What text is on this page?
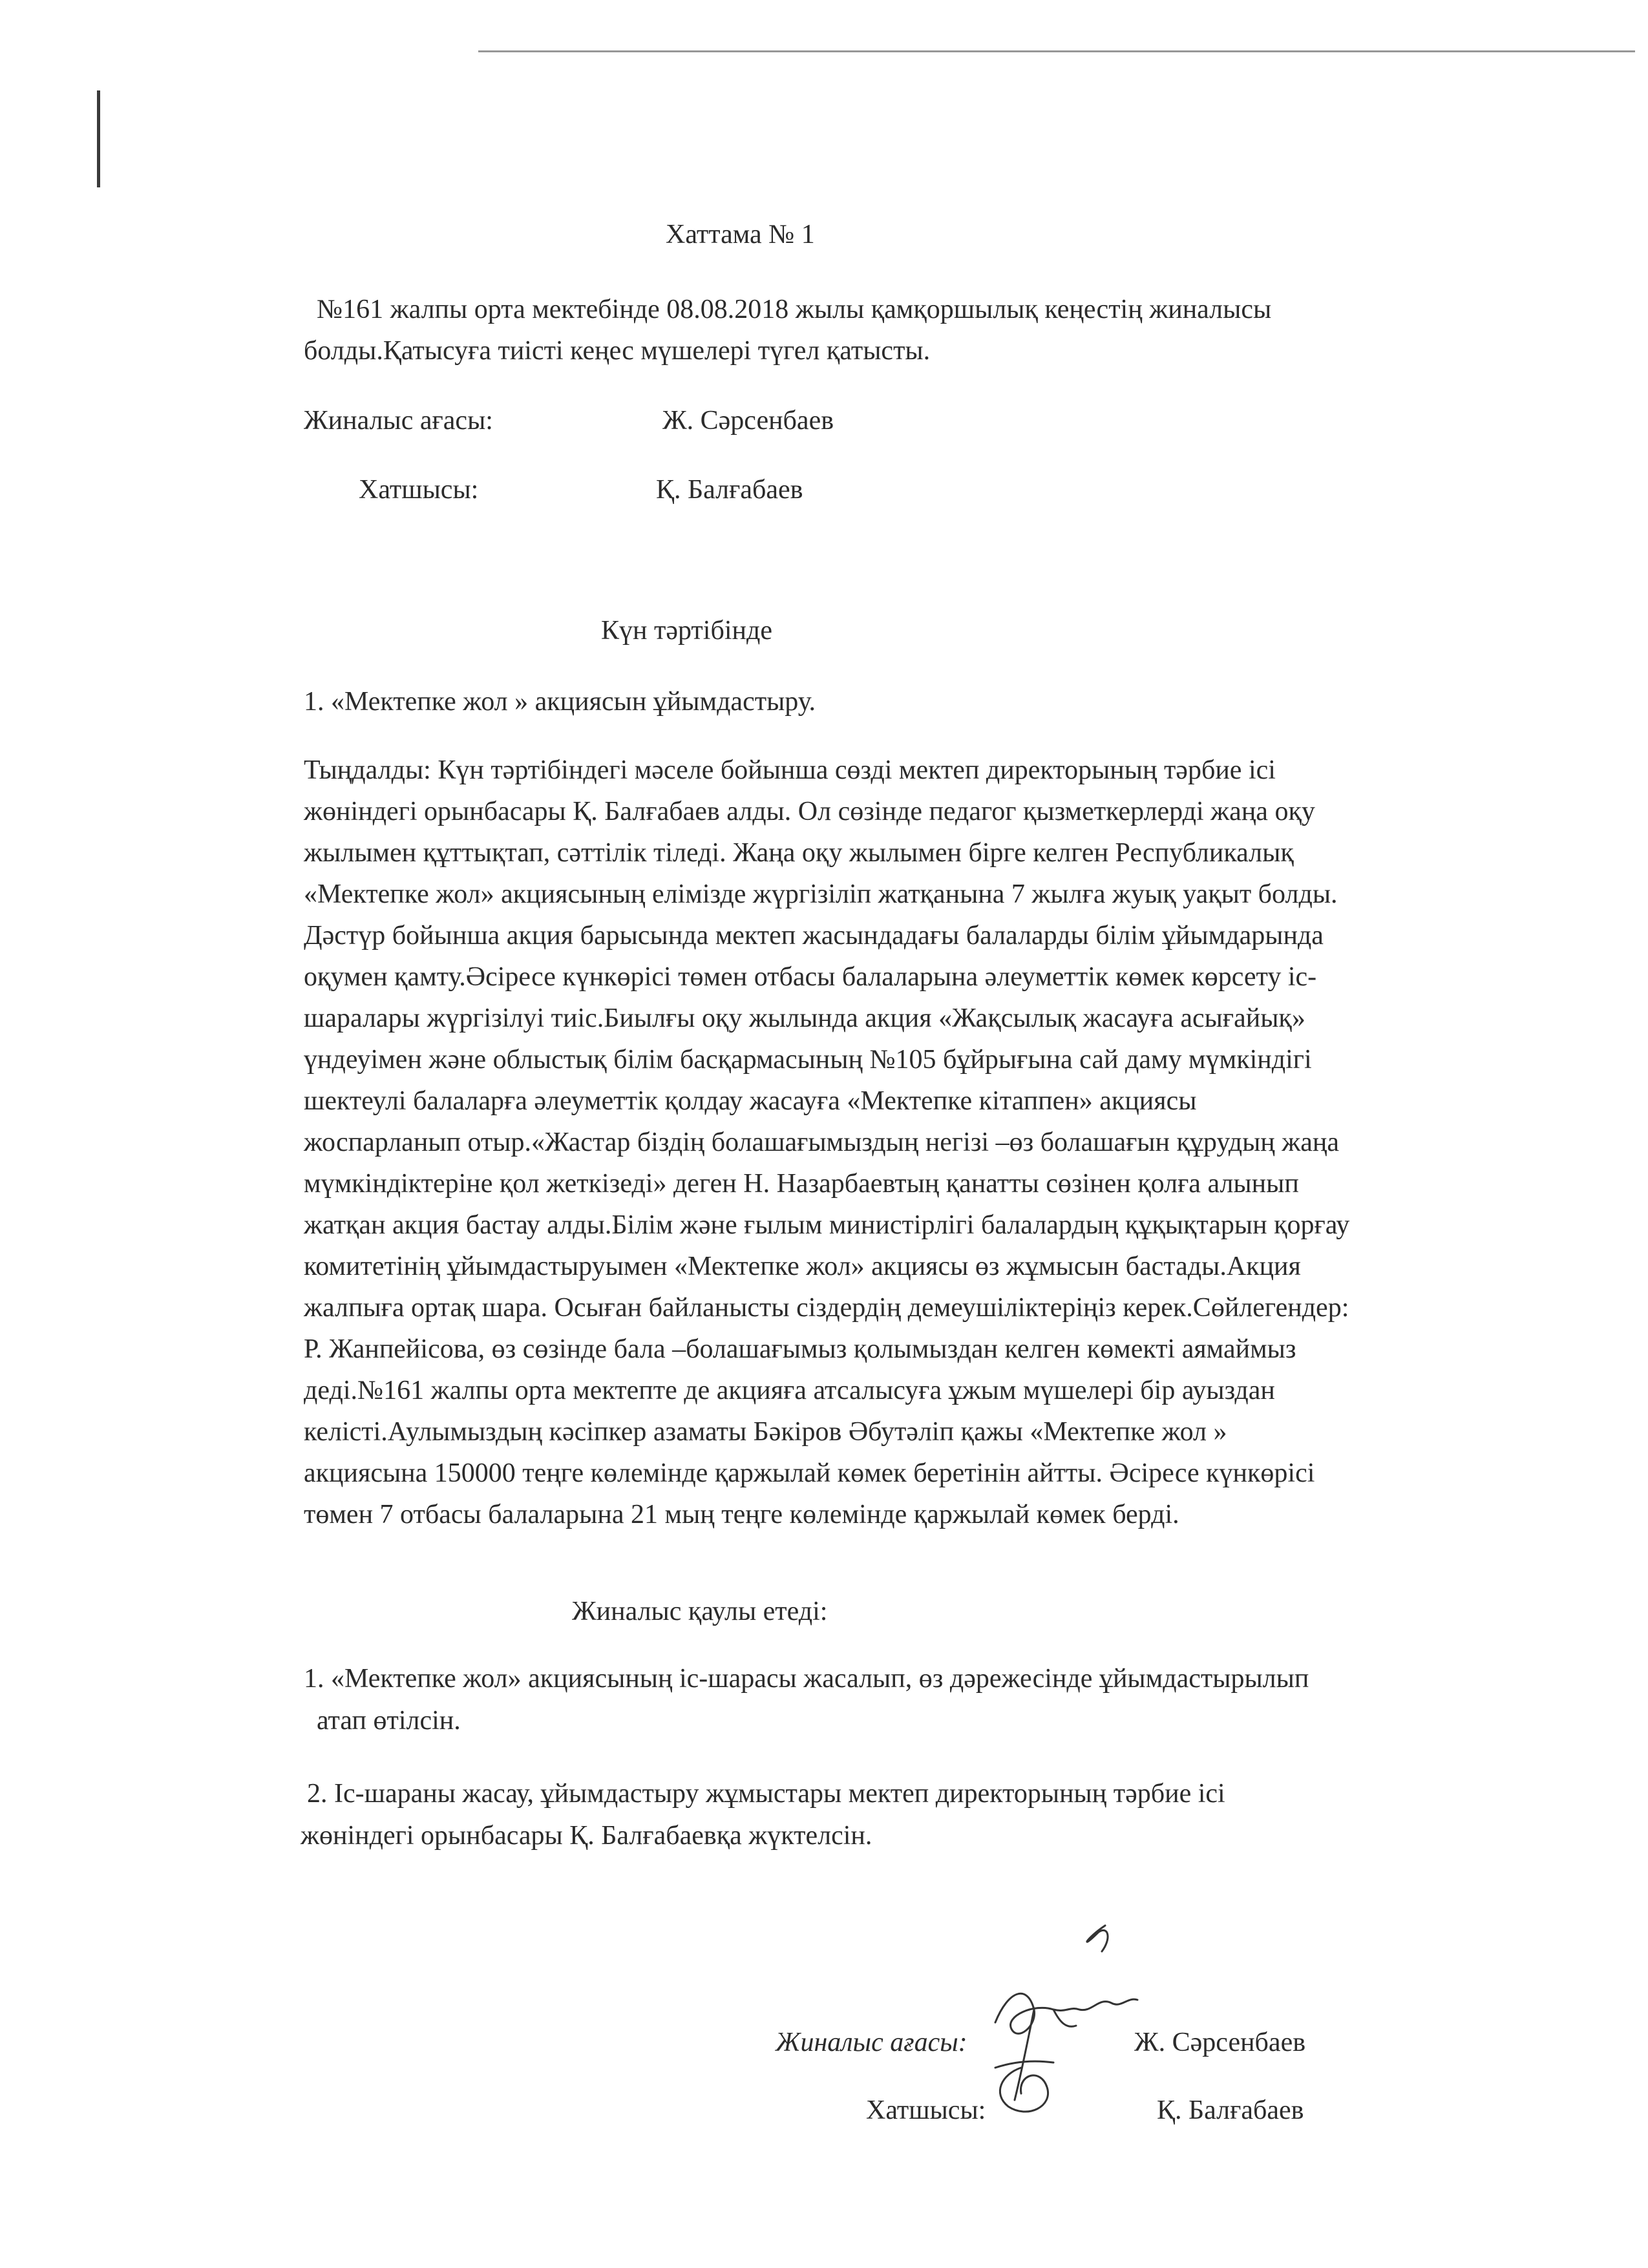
Хаттама № 1
№161 жалпы орта мектебінде 08.08.2018 жылы қамқоршылық кеңестің жиналысы
болды.Қатысуға тиісті кеңес мүшелері түгел қатысты.
Жиналыс ағасы:	Ж. Сәрсенбаев
Хатшысы:	Қ. Балғабаев
Күн тәртібінде
1. «Мектепке жол » акциясын ұйымдастыру.
Тыңдалды: Күн тәртібіндегі мәселе бойынша сөзді мектеп директорының тәрбие ісі
жөніндегі орынбасары Қ. Балғабаев алды. Ол сөзінде педагог қызметкерлерді жаңа оқу
жылымен құттықтап, сәттілік тіледі. Жаңа оқу жылымен бірге келген Республикалық
«Мектепке жол» акциясының елімізде жүргізіліп жатқанына 7 жылға жуық уақыт болды.
Дәстүр бойынша акция барысында мектеп жасындадағы балаларды білім ұйымдарында
оқумен қамту.Әсіресе күнкөрісі төмен отбасы балаларына әлеуметтік көмек көрсету іс-
шаралары жүргізілуі тиіс.Биылғы оқу жылында акция «Жақсылық жасауға асығайық»
үндеуімен және облыстық білім басқармасының №105 бұйрығына сай даму мүмкіндігі
шектеулі балаларға әлеуметтік қолдау жасауға «Мектепке кітаппен» акциясы
жоспарланып отыр.«Жастар біздің болашағымыздың негізі –өз болашағын құрудың жаңа
мүмкіндіктеріне қол жеткізеді» деген Н. Назарбаевтың қанатты сөзінен қолға алынып
жатқан акция бастау алды.Білім және ғылым министірлігі балалардың құқықтарын қорғау
комитетінің ұйымдастыруымен «Мектепке жол» акциясы өз жұмысын бастады.Акция
жалпыға ортақ шара. Осыған байланысты сіздердің демеушіліктеріңіз керек.Сөйлегендер:
Р. Жанпейісова, өз сөзінде бала –болашағымыз қолымыздан келген көмекті аямаймыз
деді.№161 жалпы орта мектепте де акцияға атсалысуға ұжым мүшелері бір ауыздан
келісті.Аулымыздың кәсіпкер азаматы Бәкіров Әбутәліп қажы «Мектепке жол »
акциясына 150000 теңге көлемінде қаржылай көмек беретінін айтты. Әсіресе күнкөрісі
төмен 7 отбасы балаларына 21 мың теңге көлемінде қаржылай көмек берді.
Жиналыс қаулы етеді:
1. «Мектепке жол» акциясының іс-шарасы жасалып, өз дәрежесінде ұйымдастырылып
атап өтілсін.
2. Іс-шараны жасау, ұйымдастыру жұмыстары мектеп директорының тәрбие ісі
жөніндегі орынбасары Қ. Балғабаевқа жүктелсін.
Жиналыс ағасы:	Ж. Сәрсенбаев
Хатшысы:	Қ. Балғабаев
